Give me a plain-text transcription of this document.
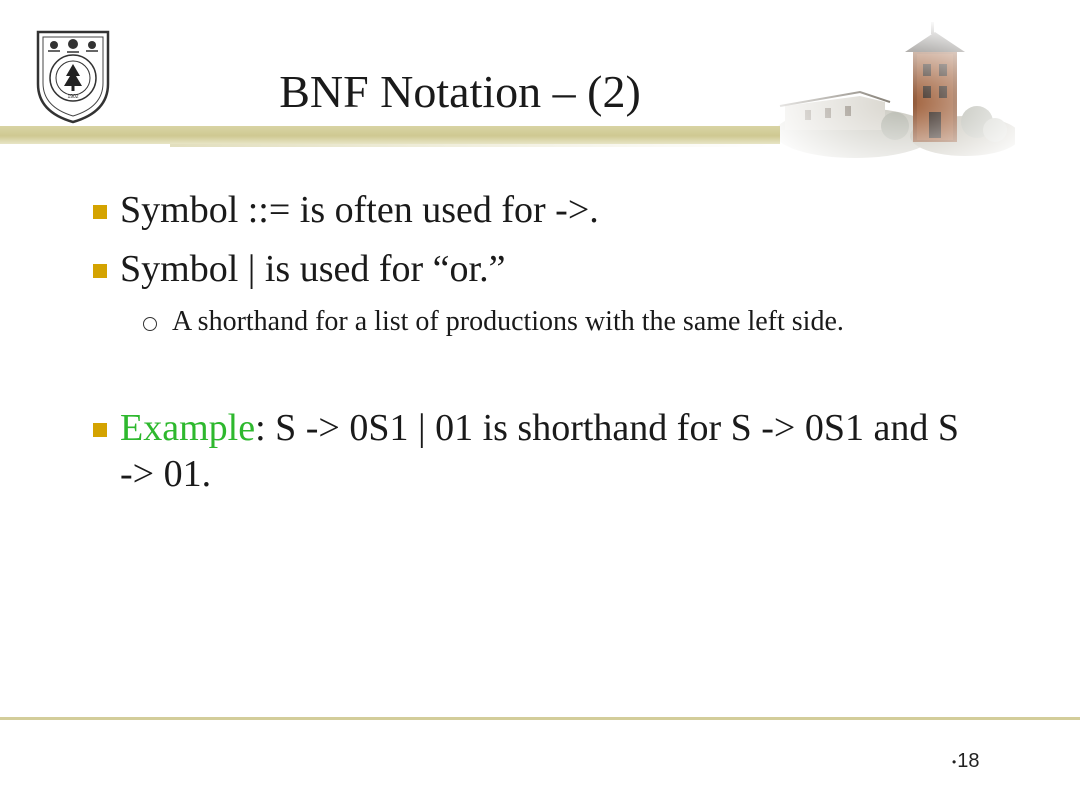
1902	BNF Notation – (2)
Symbol ::= is often used for ->.
Symbol | is used for “or.”
A shorthand for a list of productions with the same left side.
Example: S -> 0S1 | 01 is shorthand for S -> 0S1 and S -> 01.
•18
